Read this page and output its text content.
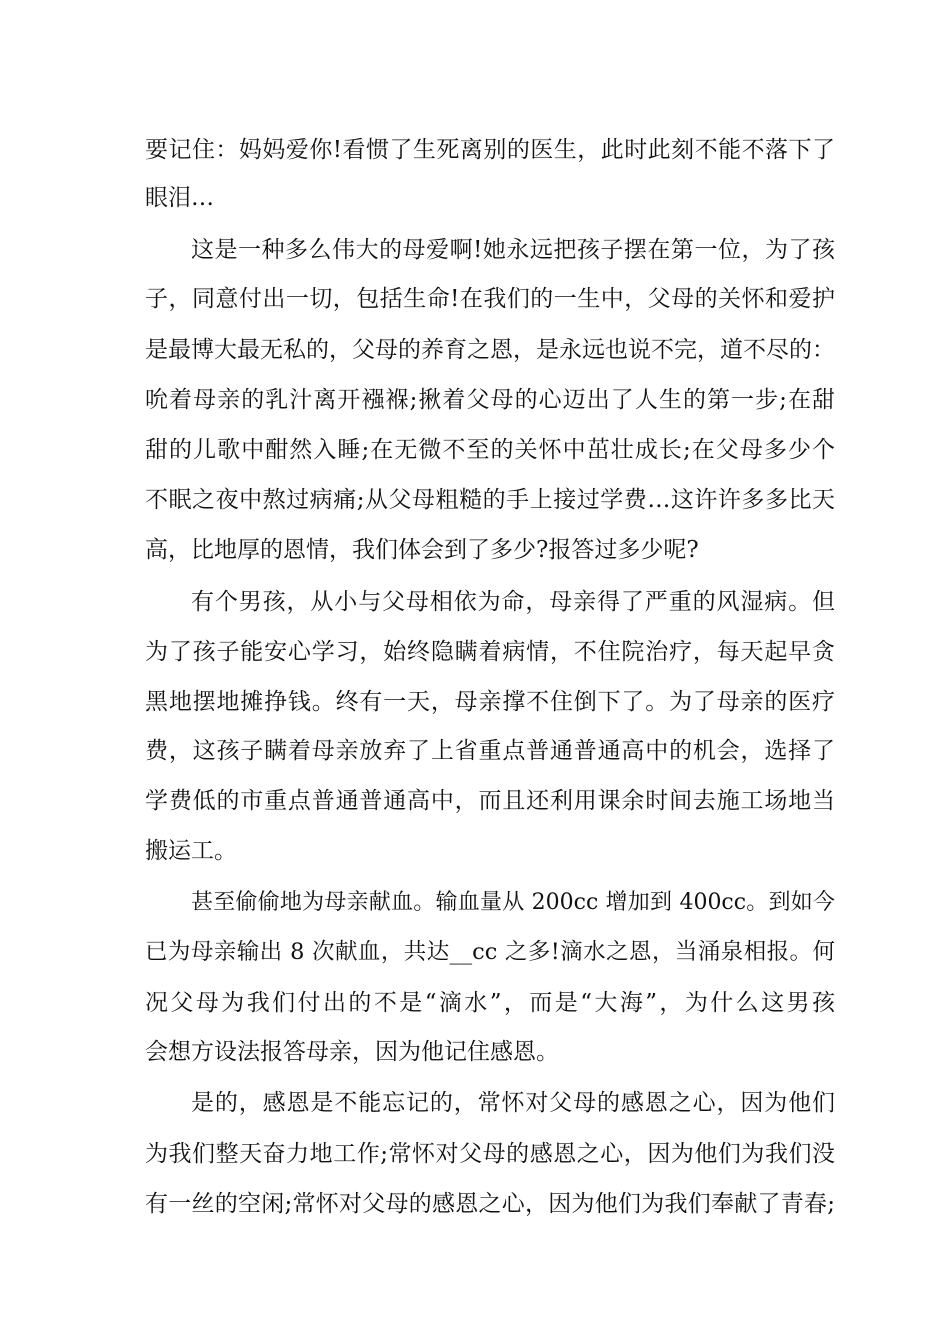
要记住：妈妈爱你!看惯了生死离别的医生，此时此刻不能不落下了
眼泪…
这是一种多么伟大的母爱啊!她永远把孩子摆在第一位，为了孩
子，同意付出一切，包括生命!在我们的一生中，父母的关怀和爱护
是最博大最无私的，父母的养育之恩，是永远也说不完，道不尽的：
吮着母亲的乳汁离开襁褓;揪着父母的心迈出了人生的第一步;在甜
甜的儿歌中酣然入睡;在无微不至的关怀中茁壮成长;在父母多少个
不眠之夜中熬过病痛;从父母粗糙的手上接过学费…这许许多多比天
高，比地厚的恩情，我们体会到了多少?报答过多少呢?
有个男孩，从小与父母相依为命，母亲得了严重的风湿病。但
为了孩子能安心学习，始终隐瞒着病情，不住院治疗，每天起早贪
黑地摆地摊挣钱。终有一天，母亲撑不住倒下了。为了母亲的医疗
费，这孩子瞒着母亲放弃了上省重点普通普通高中的机会，选择了
学费低的市重点普通普通高中，而且还利用课余时间去施工场地当
搬运工。
甚至偷偷地为母亲献血。输血量从 200cc 增加到 400cc。到如今
已为母亲输出 8 次献血，共达__cc 之多!滴水之恩，当涌泉相报。何
况父母为我们付出的不是“滴水”，而是“大海”，为什么这男孩
会想方设法报答母亲，因为他记住感恩。
是的，感恩是不能忘记的，常怀对父母的感恩之心，因为他们
为我们整天奋力地工作;常怀对父母的感恩之心，因为他们为我们没
有一丝的空闲;常怀对父母的感恩之心，因为他们为我们奉献了青春;
